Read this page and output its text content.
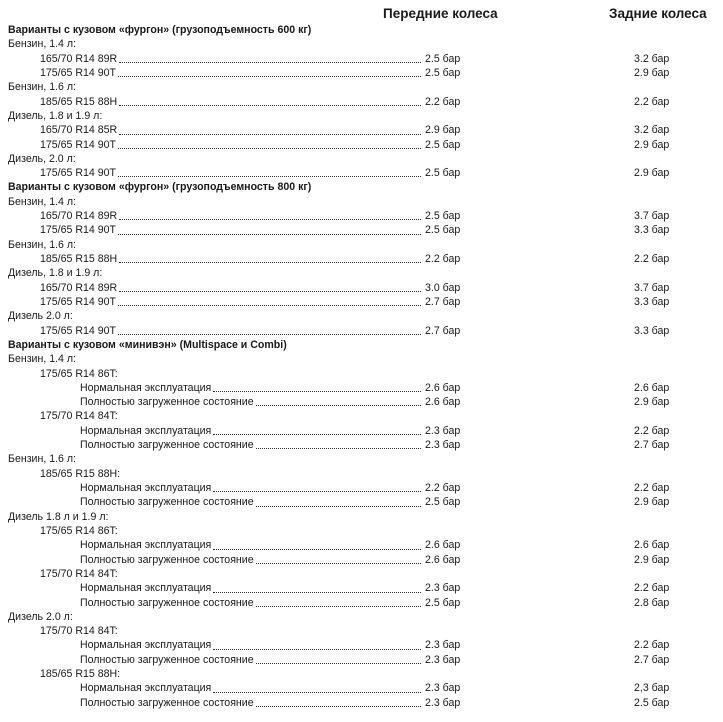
Передние колеса	Задние колеса
Варианты с кузовом «фургон» (грузоподъемность 600 кг)
Бензин, 1.4 л:
165/70 R14 89R	2.5 бар	3.2 бар
175/65 R14 90T	2.5 бар	2.9 бар
Бензин, 1.6 л:
185/65 R15 88H	2.2 бар	2.2 бар
Дизель, 1.8 и 1.9 л:
165/70 R14 85R	2.9 бар	3.2 бар
175/65 R14 90T	2.5 бар	2.9 бар
Дизель, 2.0 л:
175/65 R14 90T	2.5 бар	2.9 бар
Варианты с кузовом «фургон» (грузоподъемность 800 кг)
Бензин, 1.4 л:
165/70 R14 89R	2.5 бар	3.7 бар
175/65 R14 90T	2.5 бар	3.3 бар
Бензин, 1.6 л:
185/65 R15 88H	2.2 бар	2.2 бар
Дизель, 1.8 и 1.9 л:
165/70 R14 89R	3.0 бар	3.7 бар
175/65 R14 90T	2.7 бар	3.3 бар
Дизель 2.0 л:
175/65 R14 90T	2.7 бар	3.3 бар
Варианты с кузовом «минивэн» (Multispace и Combi)
Бензин, 1.4 л:
175/65 R14 86T:
Нормальная эксплуатация	2.6 бар	2.6 бар
Полностью загруженное состояние	2.6 бар	2.9 бар
175/70 R14 84T:
Нормальная эксплуатация	2.3 бар	2.2 бар
Полностью загруженное состояние	2.3 бар	2.7 бар
Бензин, 1.6 л:
185/65 R15 88H:
Нормальная эксплуатация	2.2 бар	2.2 бар
Полностью загруженное состояние	2.5 бар	2.9 бар
Дизель 1.8 л и 1.9 л:
175/65 R14 86T:
Нормальная эксплуатация	2.6 бар	2.6 бар
Полностью загруженное состояние	2.6 бар	2.9 бар
175/70 R14 84T:
Нормальная эксплуатация	2.3 бар	2.2 бар
Полностью загруженное состояние	2.5 бар	2.8 бар
Дизель 2.0 л:
175/70 R14 84T:
Нормальная эксплуатация	2.3 бар	2.2 бар
Полностью загруженное состояние	2.3 бар	2.7 бар
185/65 R15 88H:
Нормальная эксплуатация	2.3 бар	2,3 бар
Полностью загруженное состояние	2.3 бар	2.5 бар
